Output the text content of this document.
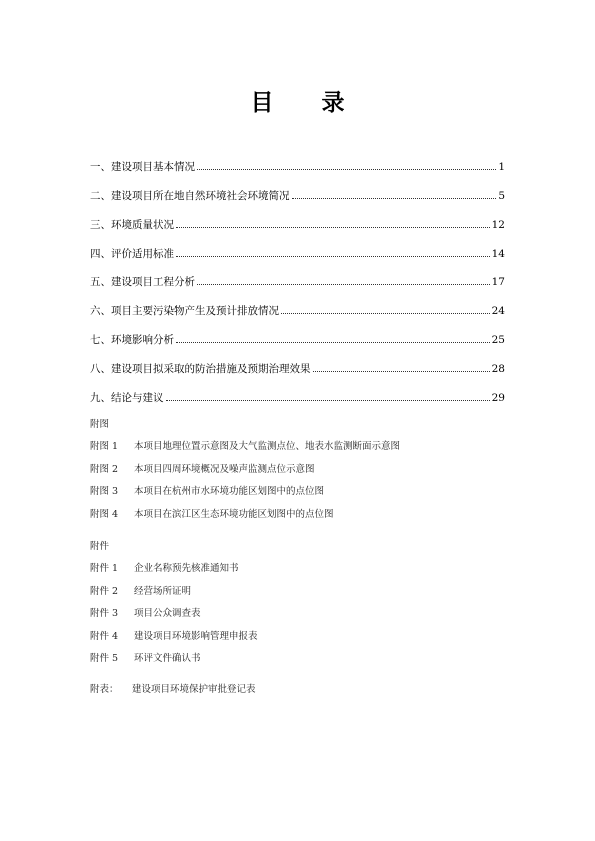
目录
一、建设项目基本情况	1
二、建设项目所在地自然环境社会环境简况	5
三、环境质量状况	12
四、评价适用标准	14
五、建设项目工程分析	17
六、项目主要污染物产生及预计排放情况	24
七、环境影响分析	25
八、建设项目拟采取的防治措施及预期治理效果	28
九、结论与建议	29
附图
附图 1	本项目地理位置示意图及大气监测点位、地表水监测断面示意图
附图 2	本项目四周环境概况及噪声监测点位示意图
附图 3	本项目在杭州市水环境功能区划图中的点位图
附图 4	本项目在滨江区生态环境功能区划图中的点位图
附件
附件 1	企业名称预先核准通知书
附件 2	经营场所证明
附件 3	项目公众调查表
附件 4	建设项目环境影响管理申报表
附件 5	环评文件确认书
附表：	建设项目环境保护审批登记表
